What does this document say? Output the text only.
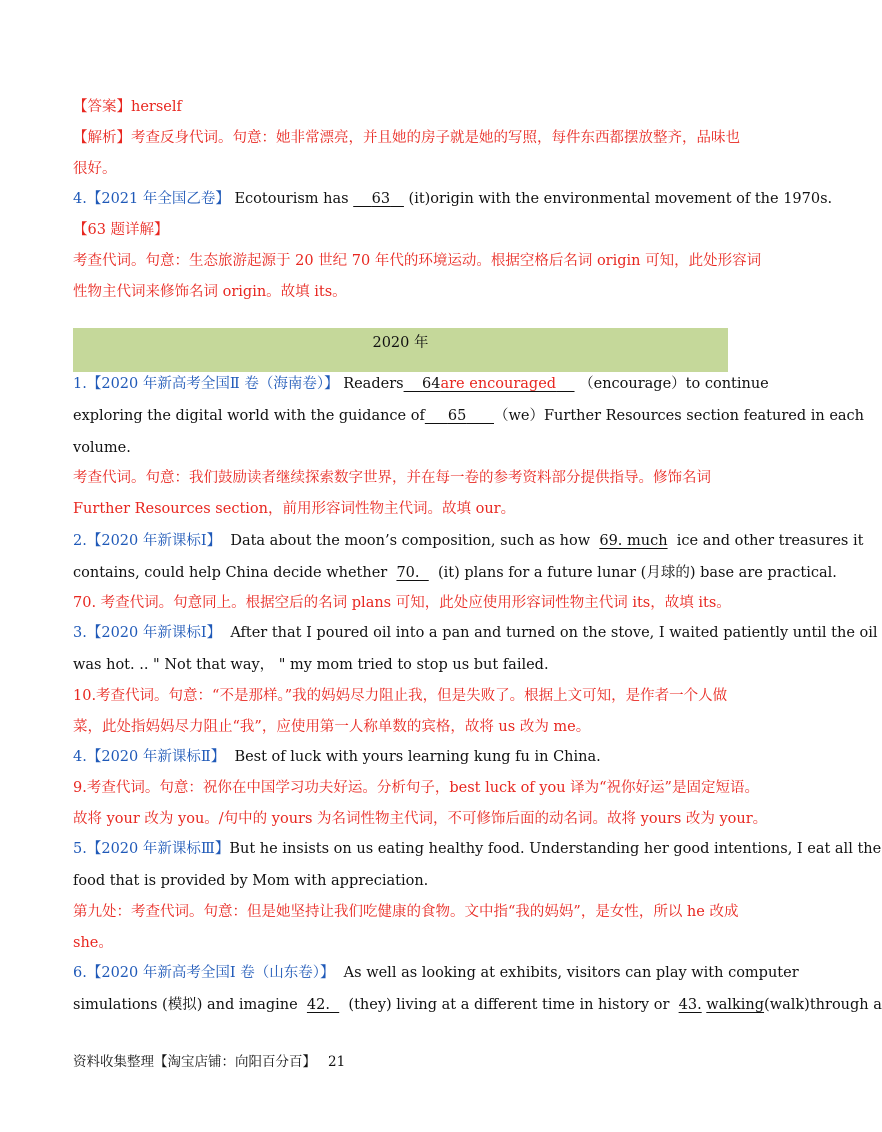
【答案】herself
【解析】考查反身代词。句意：她非常漂亮，并且她的房子就是她的写照，每件东西都摆放整齐，品味也
很好。
4.【2021 年全国乙卷】 Ecotourism has 63 (it)origin with the environmental movement of the 1970s.
【63 题详解】
考查代词。句意：生态旅游起源于 20 世纪 70 年代的环境运动。根据空格后名词 origin 可知，此处形容词
性物主代词来修饰名词 origin。故填 its。
2020 年
1.【2020 年新高考全国Ⅱ 卷（海南卷）】 Readers 64are encouraged （encourage）to continue
exploring the digital world with the guidance of 65 （we）Further Resources section featured in each
volume.
考查代词。句意：我们鼓励读者继续探索数字世界，并在每一卷的参考资料部分提供指导。修饰名词
Further Resources section，前用形容词性物主代词。故填 our。
2.【2020 年新课标Ⅰ】 Data about the moon’s composition, such as how 69. much ice and other treasures it
contains, could help China decide whether 70. (it) plans for a future lunar (月球的) base are practical.
70. 考查代词。句意同上。根据空后的名词 plans 可知，此处应使用形容词性物主代词 its，故填 its。
3.【2020 年新课标Ⅰ】 After that I poured oil into a pan and turned on the stove, I waited patiently until the oil
was hot. .. " Not that way， " my mom tried to stop us but failed.
10.考查代词。句意：“不是那样。”我的妈妈尽力阻止我，但是失败了。根据上文可知，是作者一个人做
菜，此处指妈妈尽力阻止“我”，应使用第一人称单数的宾格，故将 us 改为 me。
4.【2020 年新课标Ⅱ】 Best of luck with yours learning kung fu in China.
9.考查代词。句意：祝你在中国学习功夫好运。分析句子，best luck of you 译为“祝你好运”是固定短语。
故将 your 改为 you。/句中的 yours 为名词性物主代词，不可修饰后面的动名词。故将 yours 改为 your。
5.【2020 年新课标Ⅲ】But he insists on us eating healthy food. Understanding her good intentions, I eat all the
food that is provided by Mom with appreciation.
第九处：考查代词。句意：但是她坚持让我们吃健康的食物。文中指“我的妈妈”，是女性，所以 he 改成
she。
6.【2020 年新高考全国Ⅰ 卷（山东卷）】 As well as looking at exhibits, visitors can play with computer
simulations (模拟) and imagine 42. (they) living at a different time in history or 43. walking(walk)through a
资料收集整理【淘宝店铺：向阳百分百】 21
